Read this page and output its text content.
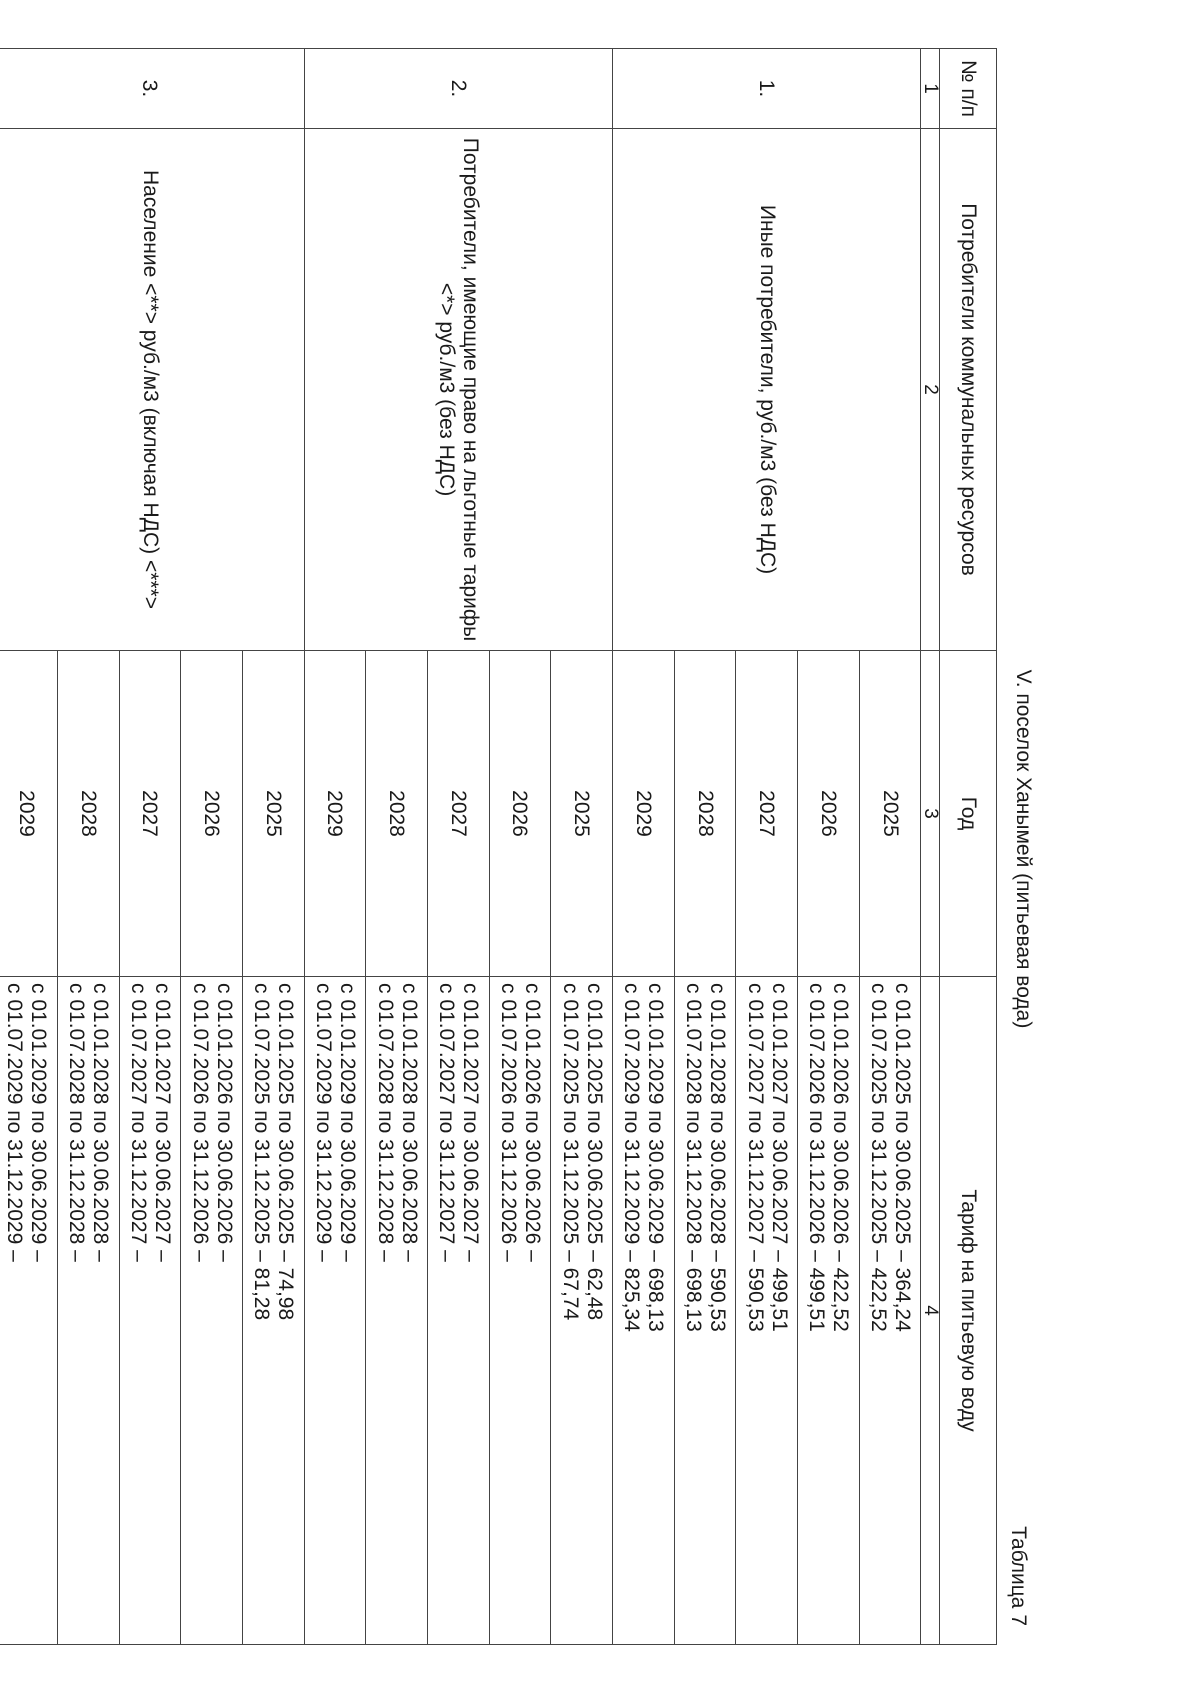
Таблица 7
V. поселок Ханымей (питьевая вода)
№ п/п	Потребители коммунальных ресурсов	Год	Тариф на питьевую воду
1	2	3	4
1.	Иные потребители, руб./м3 (без НДС)	2025	с 01.01.2025 по 30.06.2025 – 364,24
с 01.07.2025 по 31.12.2025 – 422,52

		2026	с 01.01.2026 по 30.06.2026 – 422,52
с 01.07.2026 по 31.12.2026 – 499,51

		2027	с 01.01.2027 по 30.06.2027 – 499,51
с 01.07.2027 по 31.12.2027 – 590,53

		2028	с 01.01.2028 по 30.06.2028 – 590,53
с 01.07.2028 по 31.12.2028 – 698,13

		2029	с 01.01.2029 по 30.06.2029 – 698,13
с 01.07.2029 по 31.12.2029 – 825,34

2.	Потребители, имеющие право на льготные тарифы <*> руб./м3 (без НДС)	2025	с 01.01.2025 по 30.06.2025 – 62,48
с 01.07.2025 по 31.12.2025 – 67,74

		2026	с 01.01.2026 по 30.06.2026 –
с 01.07.2026 по 31.12.2026 –

		2027	с 01.01.2027 по 30.06.2027 –
с 01.07.2027 по 31.12.2027 –

		2028	с 01.01.2028 по 30.06.2028 –
с 01.07.2028 по 31.12.2028 –

		2029	с 01.01.2029 по 30.06.2029 –
с 01.07.2029 по 31.12.2029 –

3.	Население <**> руб./м3 (включая НДС) <***>	2025	с 01.01.2025 по 30.06.2025 – 74,98
с 01.07.2025 по 31.12.2025 – 81,28

		2026	с 01.01.2026 по 30.06.2026 –
с 01.07.2026 по 31.12.2026 –

		2027	с 01.01.2027 по 30.06.2027 –
с 01.07.2027 по 31.12.2027 –

		2028	с 01.01.2028 по 30.06.2028 –
с 01.07.2028 по 31.12.2028 –

		2029	с 01.01.2029 по 30.06.2029 –
с 01.07.2029 по 31.12.2029 –
